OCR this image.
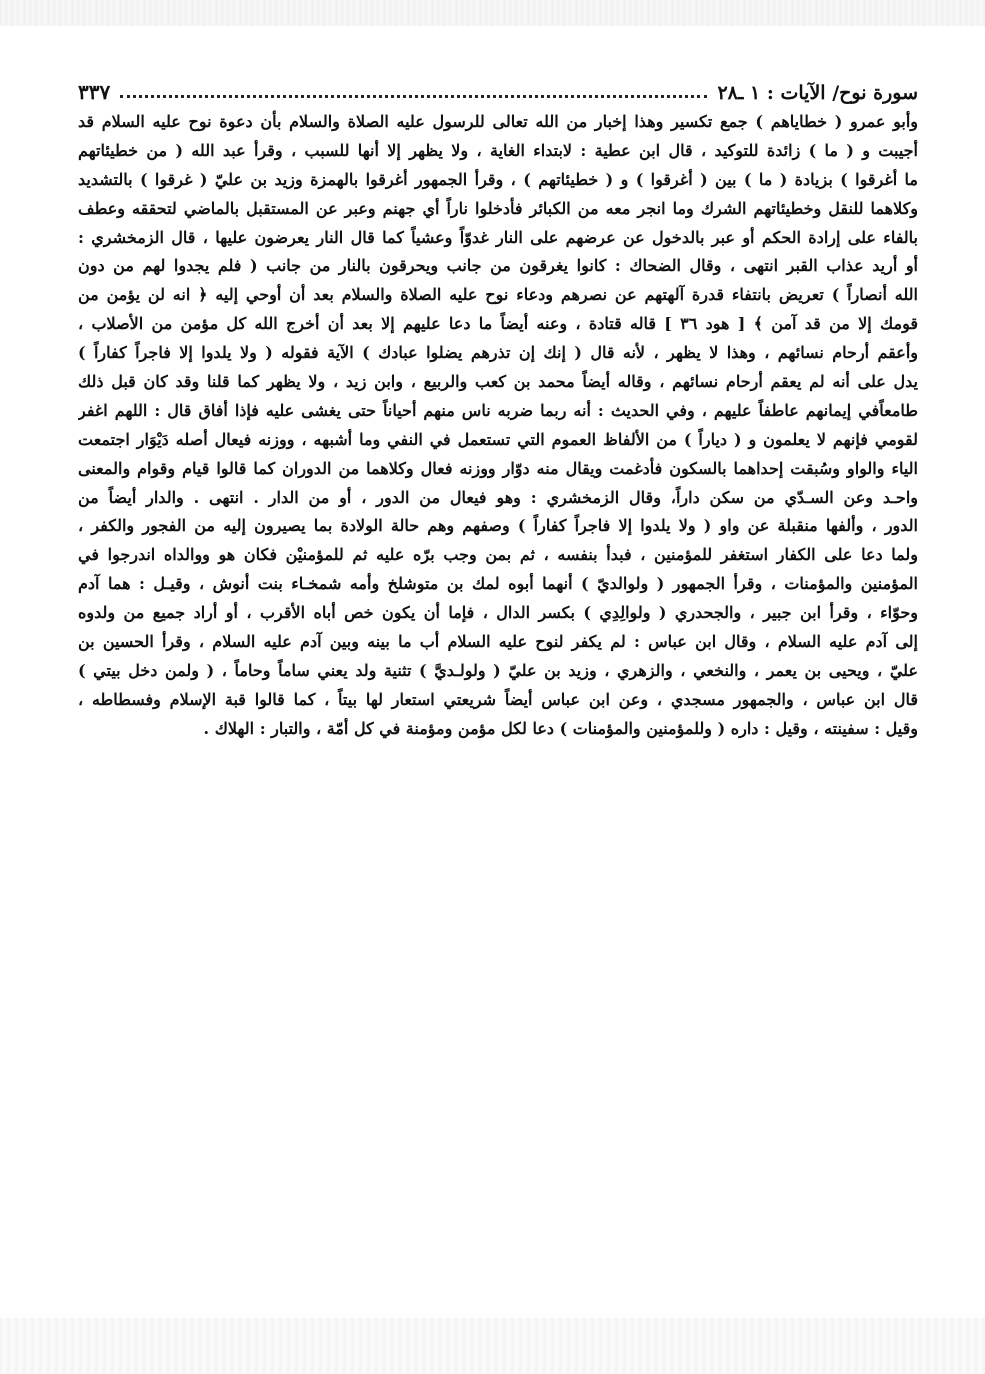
سورة نوح/ الآيات : ١ ـ٢٨
٣٣٧
وأبو عمرو ( خطاياهم ) جمع تكسير وهذا إخبار من الله تعالى للرسول عليه الصلاة والسلام بأن دعوة نوح عليه السلام قد
أجيبت و ( ما ) زائدة للتوكيد ، قال ابن عطية : لابتداء الغاية ، ولا يظهر إلا أنها للسبب ، وقرأ عبد الله ( من خطيئاتهم
ما أغرقوا ) بزيادة ( ما ) بين ( أغرقوا ) و ( خطيئاتهم ) ، وقرأ الجمهور أغرقوا بالهمزة وزيد بن عليّ ( غرقوا ) بالتشديد
وكلاهما للنقل وخطيئاتهم الشرك وما انجر معه من الكبائر فأدخلوا ناراً أي جهنم وعبر عن المستقبل بالماضي لتحققه وعطف
بالفاء على إرادة الحكم أو عبر بالدخول عن عرضهم على النار غدوّاً وعشياً كما قال النار يعرضون عليها ، قال الزمخشري :
أو أريد عذاب القبر انتهى ، وقال الضحاك : كانوا يغرقون من جانب ويحرقون بالنار من جانب ( فلم يجدوا لهم من دون
الله أنصاراً ) تعريض بانتفاء قدرة آلهتهم عن نصرهم ودعاء نوح عليه الصلاة والسلام بعد أن أوحي إليه ﴿ انه لن يؤمن من
قومك إلا من قد آمن ﴾ [ هود ٣٦ ] قاله قتادة ، وعنه أيضاً ما دعا عليهم إلا بعد أن أخرج الله كل مؤمن من الأصلاب ،
وأعقم أرحام نسائهم ، وهذا لا يظهر ، لأنه قال ( إنك إن تذرهم يضلوا عبادك ) الآية فقوله ( ولا يلدوا إلا فاجراً كفاراً )
يدل على أنه لم يعقم أرحام نسائهم ، وقاله أيضاً محمد بن كعب والربيع ، وابن زيد ، ولا يظهر كما قلنا وقد كان قبل ذلك
طامعاًفي إيمانهم عاطفاً عليهم ، وفي الحديث : أنه ربما ضربه ناس منهم أحياناً حتى يغشى عليه فإذا أفاق قال : اللهم اغفر
لقومي فإنهم لا يعلمون و ( دياراً ) من الألفاظ العموم التي تستعمل في النفي وما أشبهه ، ووزنه فيعال أصله دَيْوَار اجتمعت
الياء والواو وسُبقت إحداهما بالسكون فأدغمت ويقال منه دوّار ووزنه فعال وكلاهما من الدوران كما قالوا قيام وقوام والمعنى
واحـد وعن السـدّي من سكن داراً، وقال الزمخشري : وهو فيعال من الدور ، أو من الدار . انتهى . والدار أيضاً من
الدور ، وألفها منقبلة عن واو ( ولا يلدوا إلا فاجراً كفاراً ) وصفهم وهم حالة الولادة بما يصيرون إليه من الفجور والكفر ،
ولما دعا على الكفار استغفر للمؤمنين ، فبدأ بنفسه ، ثم بمن وجب برّه عليه ثم للمؤمنيْن فكان هو ووالداه اندرجوا في
المؤمنين والمؤمنات ، وقرأ الجمهور ( ولوالديّ ) أنهما أبوه لمك بن متوشلخ وأمه شمخـاء بنت أنوش ، وقيـل : هما آدم
وحوّاء ، وقرأ ابن جبير ، والجحدري ( ولوالِدِي ) بكسر الدال ، فإما أن يكون خص أباه الأقرب ، أو أراد جميع من ولدوه
إلى آدم عليه السلام ، وقال ابن عباس : لم يكفر لنوح عليه السلام أب ما بينه وبين آدم عليه السلام ، وقرأ الحسين بن
عليّ ، ويحيى بن يعمر ، والنخعي ، والزهري ، وزيد بن عليّ ( ولولـديَّ ) تثنية ولد يعني ساماً وحاماً ، ( ولمن دخل بيتي )
قال ابن عباس ، والجمهور مسجدي ، وعن ابن عباس أيضاً شريعتي استعار لها بيتاً ، كما قالوا قبة الإسلام وفسطاطه ،
وقيل : سفينته ، وقيل : داره ( وللمؤمنين والمؤمنات ) دعا لكل مؤمن ومؤمنة في كل أمّة ، والتبار : الهلاك .
